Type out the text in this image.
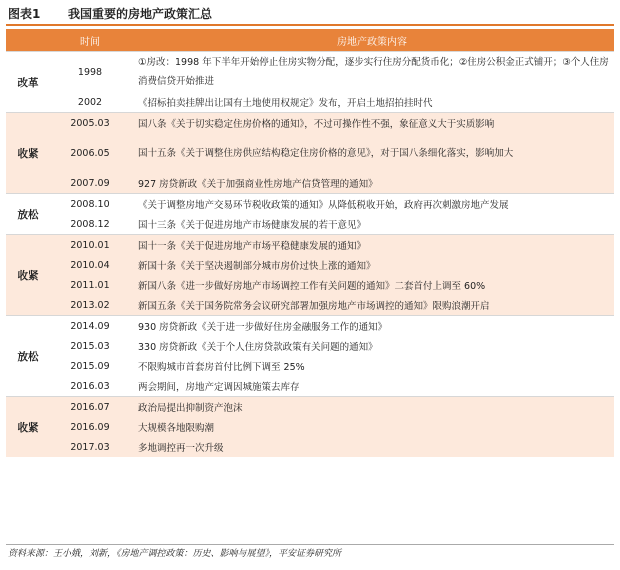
图表1 我国重要的房地产政策汇总
	时间	房地产政策内容
改革	1998	①房改：1998 年下半年开始停止住房实物分配，逐步实行住房分配货币化；②住房公积金正式铺开；③个人住房消费信贷开始推进
	2002	《招标拍卖挂牌出让国有土地使用权规定》发布，开启土地招拍挂时代
收紧	2005.03	国八条《关于切实稳定住房价格的通知》，不过可操作性不强，象征意义大于实质影响
	2006.05	国十五条《关于调整住房供应结构稳定住房价格的意见》，对于国八条细化落实，影响加大
	2007.09	927 房贷新政《关于加强商业性房地产信贷管理的通知》
放松	2008.10	《关于调整房地产交易环节税收政策的通知》从降低税收开始，政府再次刺激房地产发展
	2008.12	国十三条《关于促进房地产市场健康发展的若干意见》
收紧	2010.01	国十一条《关于促进房地产市场平稳健康发展的通知》
	2010.04	新国十条《关于坚决遏制部分城市房价过快上涨的通知》
	2011.01	新国八条《进一步做好房地产市场调控工作有关问题的通知》二套首付上调至 60%
	2013.02	新国五条《关于国务院常务会议研究部署加强房地产市场调控的通知》限购浪潮开启
放松	2014.09	930 房贷新政《关于进一步做好住房金融服务工作的通知》
	2015.03	330 房贷新政《关于个人住房贷款政策有关问题的通知》
	2015.09	不限购城市首套房首付比例下调至 25%
	2016.03	两会期间，房地产定调因城施策去库存
收紧	2016.07	政治局提出抑制资产泡沫
	2016.09	大规模各地限购潮
	2017.03	多地调控再一次升级
资料来源：王小娥，刘新，《房地产调控政策：历史、影响与展望》，平安证券研究所
